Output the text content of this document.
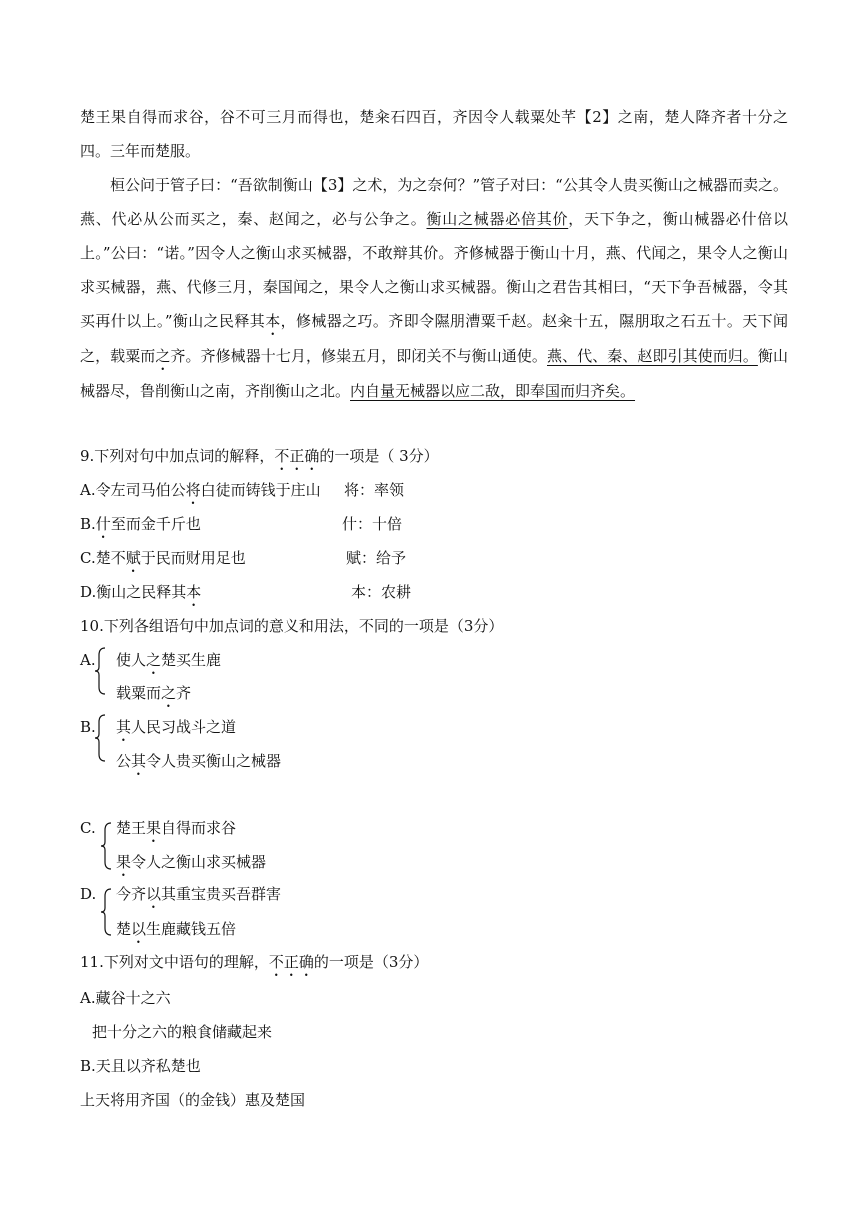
楚王果自得而求谷，谷不可三月而得也，楚籴石四百，齐因令人载粟处芊【2】之南，楚人降齐者十分之四。三年而楚服。
桓公问于管子曰：“吾欲制衡山【3】之术，为之奈何？”管子对曰：“公其令人贵买衡山之械器而卖之。燕、代必从公而买之，秦、赵闻之，必与公争之。衡山之械器必倍其价，天下争之，衡山械器必什倍以上。”公曰：“诺。”因令人之衡山求买械器，不敢辩其价。齐修械器于衡山十月，燕、代闻之，果令人之衡山求买械器，燕、代修三月，秦国闻之，果令人之衡山求买械器。衡山之君告其相曰，“天下争吾械器，令其买再什以上。”衡山之民释其本，修械器之巧。齐即令隰朋漕粟千赵。赵籴十五，隰朋取之石五十。天下闻之，载粟而之齐。齐修械器十七月，修粜五月，即闭关不与衡山通使。燕、代、秦、赵即引其使而归。衡山械器尽，鲁削衡山之南，齐削衡山之北。内自量无械器以应二敌，即奉国而归齐矣。
9.下列对句中加点词的解释，不正确的一项是（ 3分）
A.令左司马伯公将白徒而铸钱于庄山 将：率领
B.什至而金千斤也	什：十倍
C.楚不赋于民而财用足也	赋：给予
D.衡山之民释其本	本：农耕
10.下列各组语句中加点词的意义和用法，不同的一项是（3分）
A. 使人之楚买生鹿
载粟而之齐
B. 其人民习战斗之道
公其令人贵买衡山之械器
C. 楚王果自得而求谷
果令人之衡山求买械器
D. 今齐以其重宝贵买吾群害
楚以生鹿藏钱五倍
11.下列对文中语句的理解，不正确的一项是（3分）
A.藏谷十之六
把十分之六的粮食储藏起来
B.天且以齐私楚也
上天将用齐国（的金钱）惠及楚国
